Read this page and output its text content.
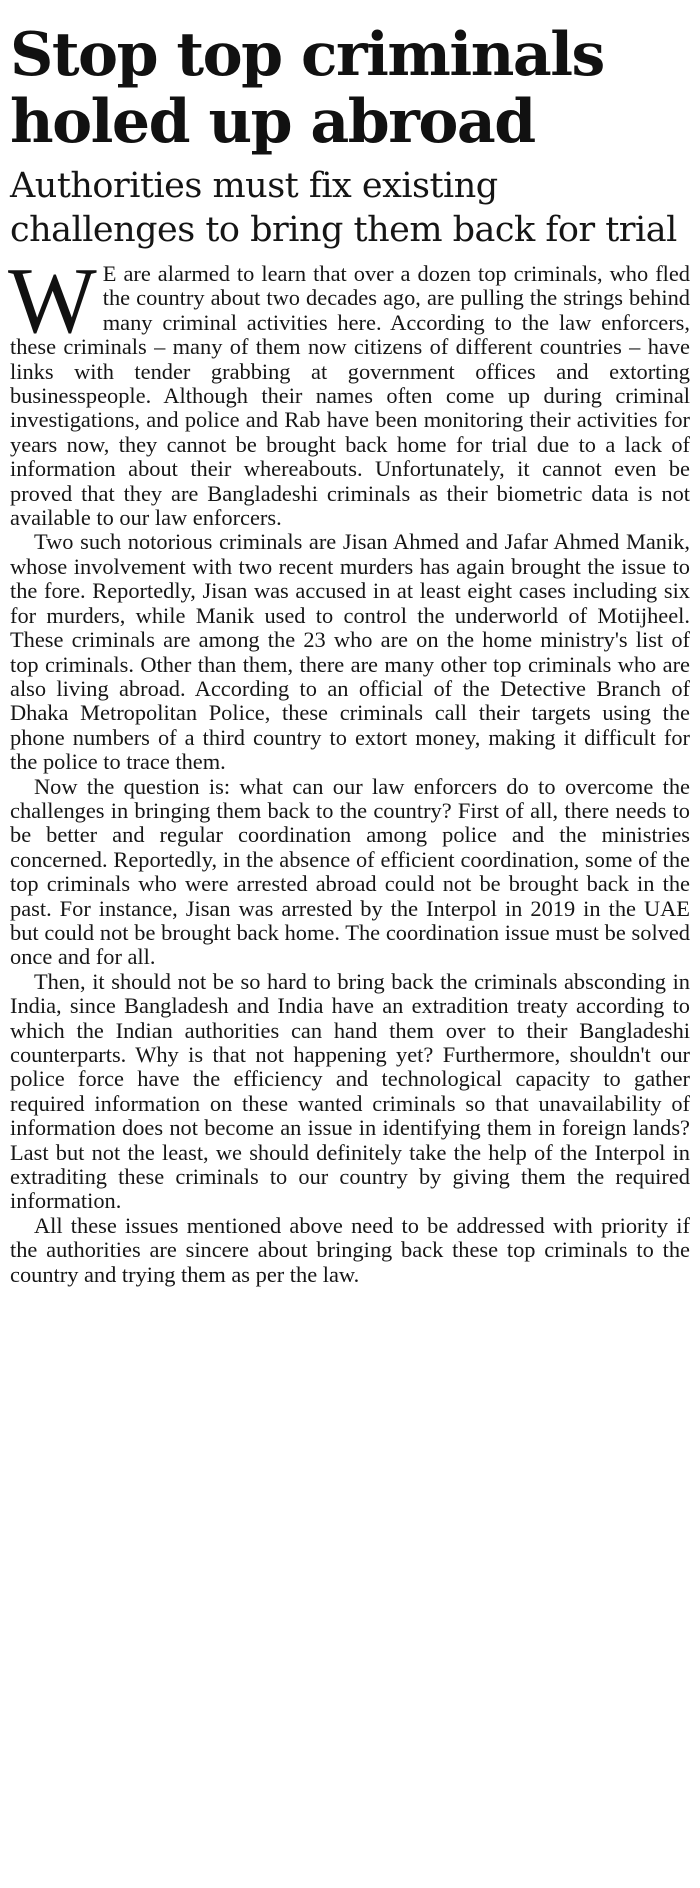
Stop top criminals holed up abroad
Authorities must fix existing challenges to bring them back for trial

W E are alarmed to learn that over a dozen top criminals, who fled the country about two decades ago, are pulling the strings behind many criminal activities here. According to the law enforcers, these criminals – many of them now citizens of different countries – have links with tender grabbing at government offices and extorting businesspeople. Although their names often come up during criminal investigations, and police and Rab have been monitoring their activities for years now, they cannot be brought back home for trial due to a lack of information about their whereabouts. Unfortunately, it cannot even be proved that they are Bangladeshi criminals as their biometric data is not available to our law enforcers.

Two such notorious criminals are Jisan Ahmed and Jafar Ahmed Manik, whose involvement with two recent murders has again brought the issue to the fore. Reportedly, Jisan was accused in at least eight cases including six for murders, while Manik used to control the underworld of Motijheel. These criminals are among the 23 who are on the home ministry's list of top criminals. Other than them, there are many other top criminals who are also living abroad. According to an official of the Detective Branch of Dhaka Metropolitan Police, these criminals call their targets using the phone numbers of a third country to extort money, making it difficult for the police to trace them.

Now the question is: what can our law enforcers do to overcome the challenges in bringing them back to the country? First of all, there needs to be better and regular coordination among police and the ministries concerned. Reportedly, in the absence of efficient coordination, some of the top criminals who were arrested abroad could not be brought back in the past. For instance, Jisan was arrested by the Interpol in 2019 in the UAE but could not be brought back home. The coordination issue must be solved once and for all.

Then, it should not be so hard to bring back the criminals absconding in India, since Bangladesh and India have an extradition treaty according to which the Indian authorities can hand them over to their Bangladeshi counterparts. Why is that not happening yet? Furthermore, shouldn't our police force have the efficiency and technological capacity to gather required information on these wanted criminals so that unavailability of information does not become an issue in identifying them in foreign lands? Last but not the least, we should definitely take the help of the Interpol in extraditing these criminals to our country by giving them the required information.

All these issues mentioned above need to be addressed with priority if the authorities are sincere about bringing back these top criminals to the country and trying them as per the law.
